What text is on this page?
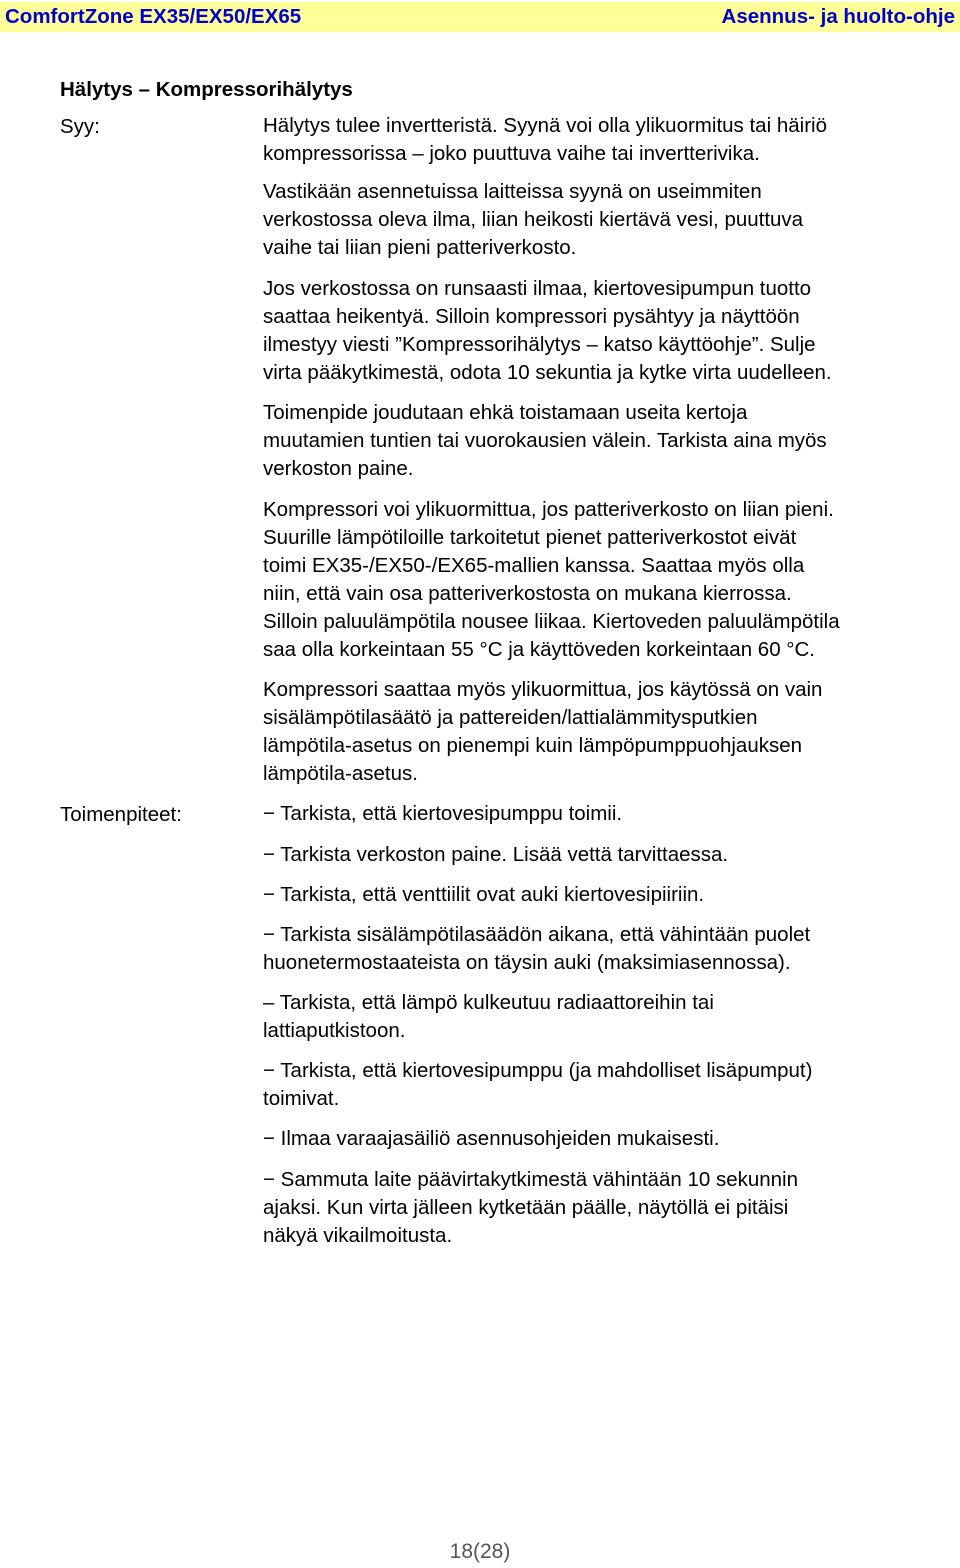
ComfortZone EX35/EX50/EX65	Asennus- ja huolto-ohje
Hälytys – Kompressorihälytys
Syy:	Hälytys tulee invertteristä. Syynä voi olla ylikuormitus tai häiriö
kompressorissa – joko puuttuva vaihe tai invertterivika.

Vastikään asennetuissa laitteissa syynä on useimmiten
verkostossa oleva ilma, liian heikosti kiertävä vesi, puuttuva
vaihe tai liian pieni patteriverkosto.

Jos verkostossa on runsaasti ilmaa, kiertovesipumpun tuotto
saattaa heikentyä. Silloin kompressori pysähtyy ja näyttöön
ilmestyy viesti ”Kompressorihälytys – katso käyttöohje”. Sulje
virta pääkytkimestä, odota 10 sekuntia ja kytke virta uudelleen.

Toimenpide joudutaan ehkä toistamaan useita kertoja
muutamien tuntien tai vuorokausien välein. Tarkista aina myös
verkoston paine.

Kompressori voi ylikuormittua, jos patteriverkosto on liian pieni.
Suurille lämpötiloille tarkoitetut pienet patteriverkostot eivät
toimi EX35-/EX50-/EX65-mallien kanssa. Saattaa myös olla
niin, että vain osa patteriverkostosta on mukana kierrossa.
Silloin paluulämpötila nousee liikaa. Kiertoveden paluulämpötila
saa olla korkeintaan 55 °C ja käyttöveden korkeintaan 60 °C.

Kompressori saattaa myös ylikuormittua, jos käytössä on vain
sisälämpötilasäätö ja pattereiden/lattialämmitysputkien
lämpötila-asetus on pienempi kuin lämpöpumppuohjauksen
lämpötila-asetus.

Toimenpiteet:	− Tarkista, että kiertovesipumppu toimii.

− Tarkista verkoston paine. Lisää vettä tarvittaessa.

− Tarkista, että venttiilit ovat auki kiertovesipiiriin.

− Tarkista sisälämpötilasäädön aikana, että vähintään puolet
huonetermostaateista on täysin auki (maksimiasennossa).

– Tarkista, että lämpö kulkeutuu radiaattoreihin tai
lattiaputkistoon.

− Tarkista, että kiertovesipumppu (ja mahdolliset lisäpumput)
toimivat.

− Ilmaa varaajasäiliö asennusohjeiden mukaisesti.

− Sammuta laite päävirtakytkimestä vähintään 10 sekunnin
ajaksi. Kun virta jälleen kytketään päälle, näytöllä ei pitäisi
näkyä vikailmoitusta.

18(28)
